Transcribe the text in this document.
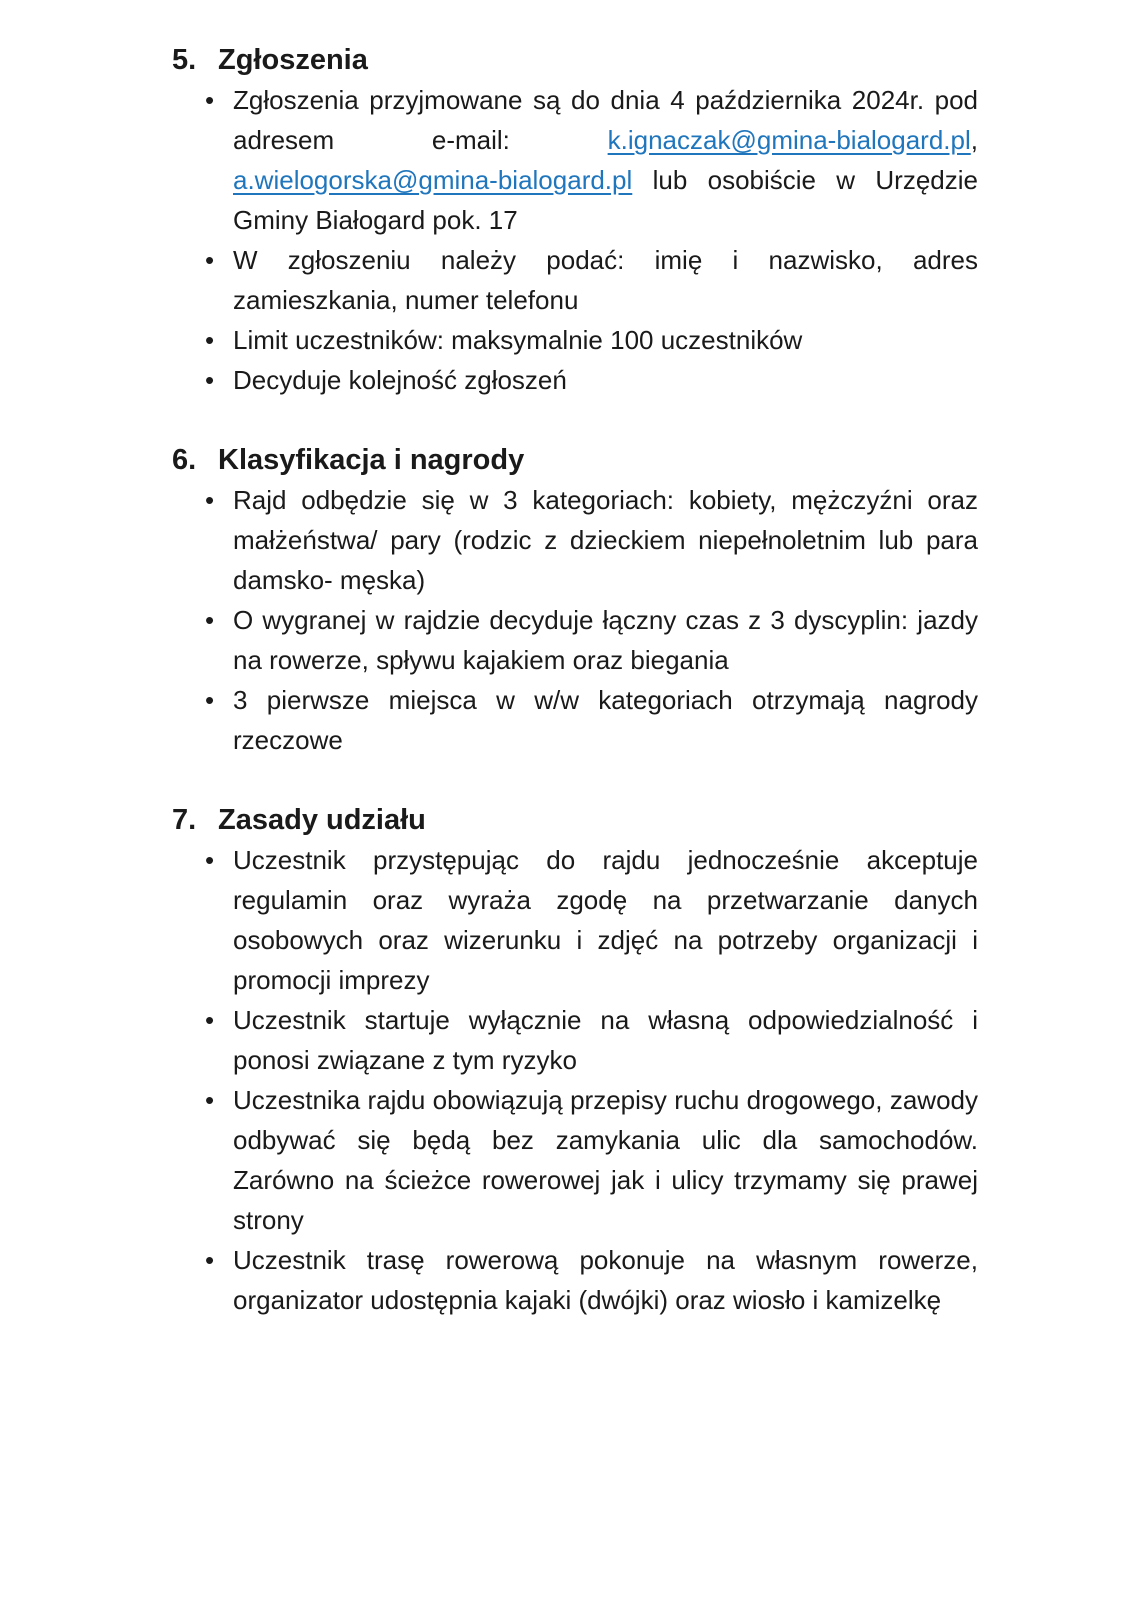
5. Zgłoszenia
• Zgłoszenia przyjmowane są do dnia 4 października 2024r. pod adresem e-mail: k.ignaczak@gmina-bialogard.pl, a.wielogorska@gmina-bialogard.pl lub osobiście w Urzędzie Gminy Białogard pok. 17
• W zgłoszeniu należy podać: imię i nazwisko, adres zamieszkania, numer telefonu
• Limit uczestników: maksymalnie 100 uczestników
• Decyduje kolejność zgłoszeń
6. Klasyfikacja i nagrody
• Rajd odbędzie się w 3 kategoriach: kobiety, mężczyźni oraz małżeństwa/ pary (rodzic z dzieckiem niepełnoletnim lub para damsko- męska)
• O wygranej w rajdzie decyduje łączny czas z 3 dyscyplin: jazdy na rowerze, spływu kajakiem oraz biegania
• 3 pierwsze miejsca w w/w kategoriach otrzymają nagrody rzeczowe
7. Zasady udziału
• Uczestnik przystępując do rajdu jednocześnie akceptuje regulamin oraz wyraża zgodę na przetwarzanie danych osobowych oraz wizerunku i zdjęć na potrzeby organizacji i promocji imprezy
• Uczestnik startuje wyłącznie na własną odpowiedzialność i ponosi związane z tym ryzyko
• Uczestnika rajdu obowiązują przepisy ruchu drogowego, zawody odbywać się będą bez zamykania ulic dla samochodów. Zarówno na ścieżce rowerowej jak i ulicy trzymamy się prawej strony
• Uczestnik trasę rowerową pokonuje na własnym rowerze, organizator udostępnia kajaki (dwójki) oraz wiosło i kamizelkę
